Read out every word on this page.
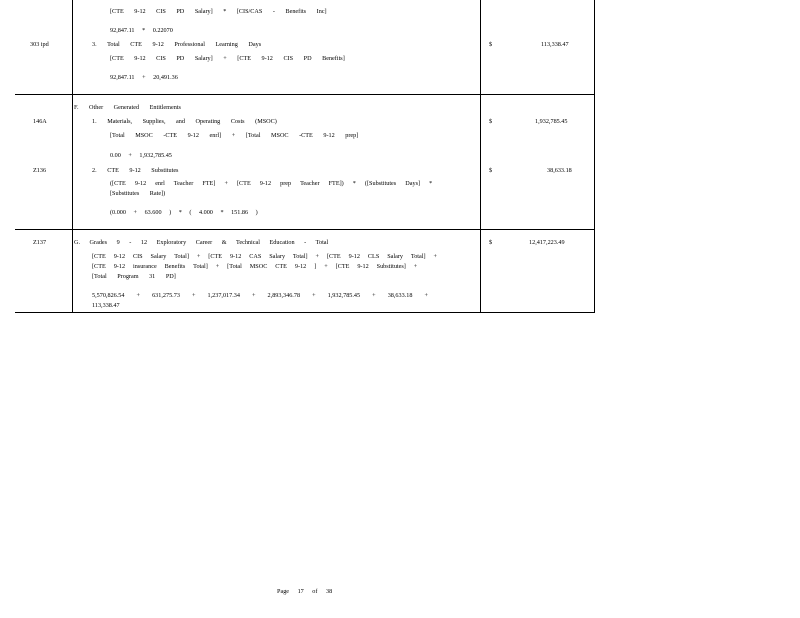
[CTE 9-12 CIS PD Salary] * [CIS/CAS - Benefits Inc]
92,847.11 * 0.22070
303 ipd	3. Total CTE 9-12 Professional Learning Days	$	113,338.47
[CTE 9-12 CIS PD Salary] + [CTE 9-12 CIS PD Benefits]
92,847.11 + 20,491.36
F. Other Generated Entitlements
146A	1. Materials, Supplies, and Operating Costs (MSOC)	$	1,932,785.45
[Total MSOC -CTE 9-12 enrl] + [Total MSOC -CTE 9-12 prep]
0.00 + 1,932,785.45
Z136	2. CTE 9-12 Substitutes	$	38,633.18
([CTE 9-12 enrl Teacher FTE] + [CTE 9-12 prep Teacher FTE]) * ([Substitutes Days] *
[Substitutes Rate])
(0.000 + 63.600 ) * ( 4.000 * 151.86 )
Z137	G. Grades 9 - 12 Exploratory Career & Technical Education - Total	$	12,417,223.49
[CTE 9-12 CIS Salary Total] + [CTE 9-12 CAS Salary Total] + [CTE 9-12 CLS Salary Total] +
[CTE 9-12 insurance Benefits Total] + [Total MSOC CTE 9-12 ] + [CTE 9-12 Substitutes] +
[Total Program 31 PD]
5,570,826.54 + 631,275.73 + 1,237,017.34 + 2,893,346.78 + 1,932,785.45 + 38,633.18 +
113,338.47
Page 17 of 38
